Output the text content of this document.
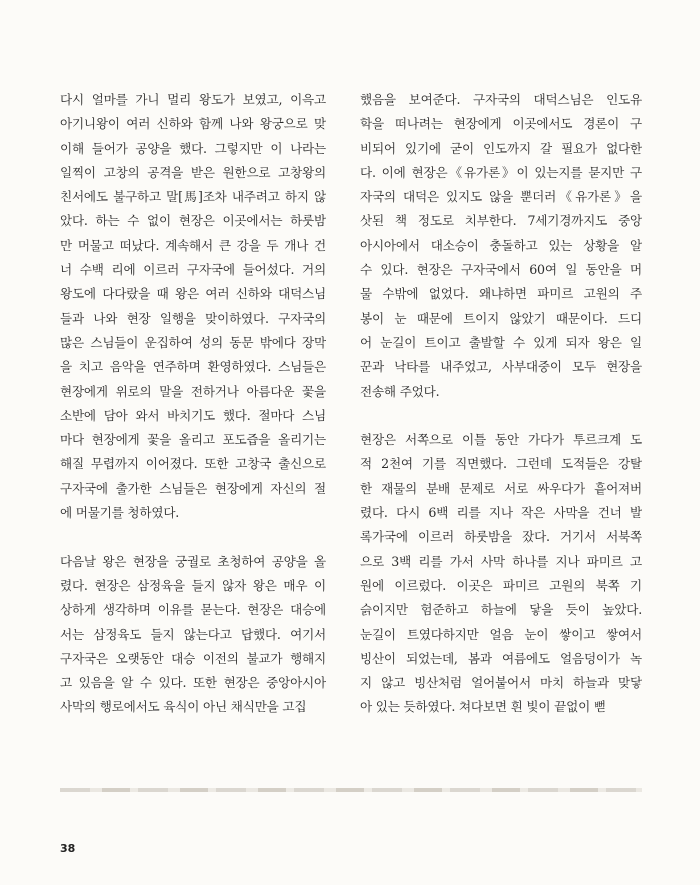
다시 얼마를 가니 멀리 왕도가 보였고, 이윽고
아기니왕이 여러 신하와 함께 나와 왕궁으로 맞
이해 들어가 공양을 했다. 그렇지만 이 나라는
일찍이 고창의 공격을 받은 원한으로 고창왕의
친서에도 불구하고 말[馬]조차 내주려고 하지 않
았다. 하는 수 없이 현장은 이곳에서는 하룻밤
만 머물고 떠났다. 계속해서 큰 강을 두 개나 건
너 수백 리에 이르러 구자국에 들어섰다. 거의
왕도에 다다랐을 때 왕은 여러 신하와 대덕스님
들과 나와 현장 일행을 맞이하였다. 구자국의
많은 스님들이 운집하여 성의 동문 밖에다 장막
을 치고 음악을 연주하며 환영하였다. 스님들은
현장에게 위로의 말을 전하거나 아름다운 꽃을
소반에 담아 와서 바치기도 했다. 절마다 스님
마다 현장에게 꽃을 올리고 포도즙을 올리기는
해질 무렵까지 이어졌다. 또한 고창국 출신으로
구자국에 출가한 스님들은 현장에게 자신의 절
에 머물기를 청하였다.
다음날 왕은 현장을 궁궐로 초청하여 공양을 올
렸다. 현장은 삼정육을 들지 않자 왕은 매우 이
상하게 생각하며 이유를 묻는다. 현장은 대승에
서는 삼정육도 들지 않는다고 답했다. 여기서
구자국은 오랫동안 대승 이전의 불교가 행해지
고 있음을 알 수 있다. 또한 현장은 중앙아시아
사막의 행로에서도 육식이 아닌 채식만을 고집
했음을 보여준다. 구자국의 대덕스님은 인도유
학을 떠나려는 현장에게 이곳에서도 경론이 구
비되어 있기에 굳이 인도까지 갈 필요가 없다한
다. 이에 현장은《유가론》이 있는지를 묻지만 구
자국의 대덕은 있지도 않을 뿐더러《유가론》을
삿된 책 정도로 치부한다. 7세기경까지도 중앙
아시아에서 대소승이 충돌하고 있는 상황을 알
수 있다. 현장은 구자국에서 60여 일 동안을 머
물 수밖에 없었다. 왜냐하면 파미르 고원의 주
봉이 눈 때문에 트이지 않았기 때문이다. 드디
어 눈길이 트이고 출발할 수 있게 되자 왕은 일
꾼과 낙타를 내주었고, 사부대중이 모두 현장을
전송해 주었다.
현장은 서쪽으로 이틀 동안 가다가 투르크계 도
적 2천여 기를 직면했다. 그런데 도적들은 강탈
한 재물의 분배 문제로 서로 싸우다가 흩어져버
렸다. 다시 6백 리를 지나 작은 사막을 건너 발
록가국에 이르러 하룻밤을 잤다. 거기서 서북쪽
으로 3백 리를 가서 사막 하나를 지나 파미르 고
원에 이르렀다. 이곳은 파미르 고원의 북쪽 기
슭이지만 험준하고 하늘에 닿을 듯이 높았다.
눈길이 트였다하지만 얼음 눈이 쌓이고 쌓여서
빙산이 되었는데, 봄과 여름에도 얼음덩이가 녹
지 않고 빙산처럼 얼어붙어서 마치 하늘과 맞닿
아 있는 듯하였다. 쳐다보면 흰 빛이 끝없이 뻗
38
